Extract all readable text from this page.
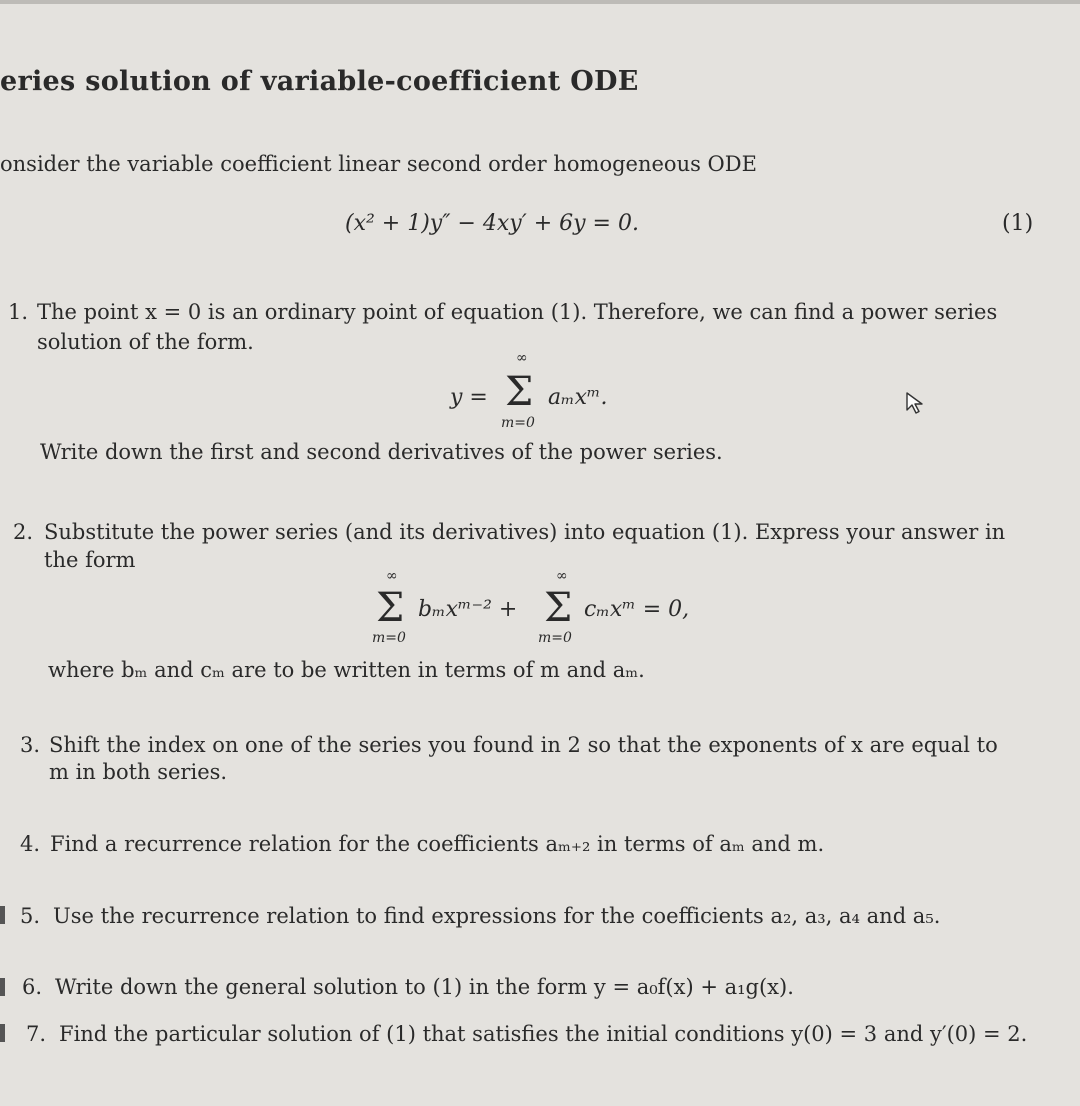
eries solution of variable-coefficient ODE
onsider the variable coefficient linear second order homogeneous ODE
(x² + 1)y″ − 4xy′ + 6y = 0.	(1)
1. The point x = 0 is an ordinary point of equation (1). Therefore, we can find a power series
solution of the form.
y =
∞
Σ
m=0
aₘxᵐ.
Write down the first and second derivatives of the power series.
2. Substitute the power series (and its derivatives) into equation (1). Express your answer in
the form
∞
Σ
m=0
bₘxᵐ⁻² +
∞
Σ
m=0
cₘxᵐ = 0,
where bₘ and cₘ are to be written in terms of m and aₘ.
3. Shift the index on one of the series you found in 2 so that the exponents of x are equal to
m in both series.
4. Find a recurrence relation for the coefficients aₘ₊₂ in terms of aₘ and m.
5. Use the recurrence relation to find expressions for the coefficients a₂, a₃, a₄ and a₅.
6. Write down the general solution to (1) in the form y = a₀f(x) + a₁g(x).
7. Find the particular solution of (1) that satisfies the initial conditions y(0) = 3 and y′(0) = 2.
